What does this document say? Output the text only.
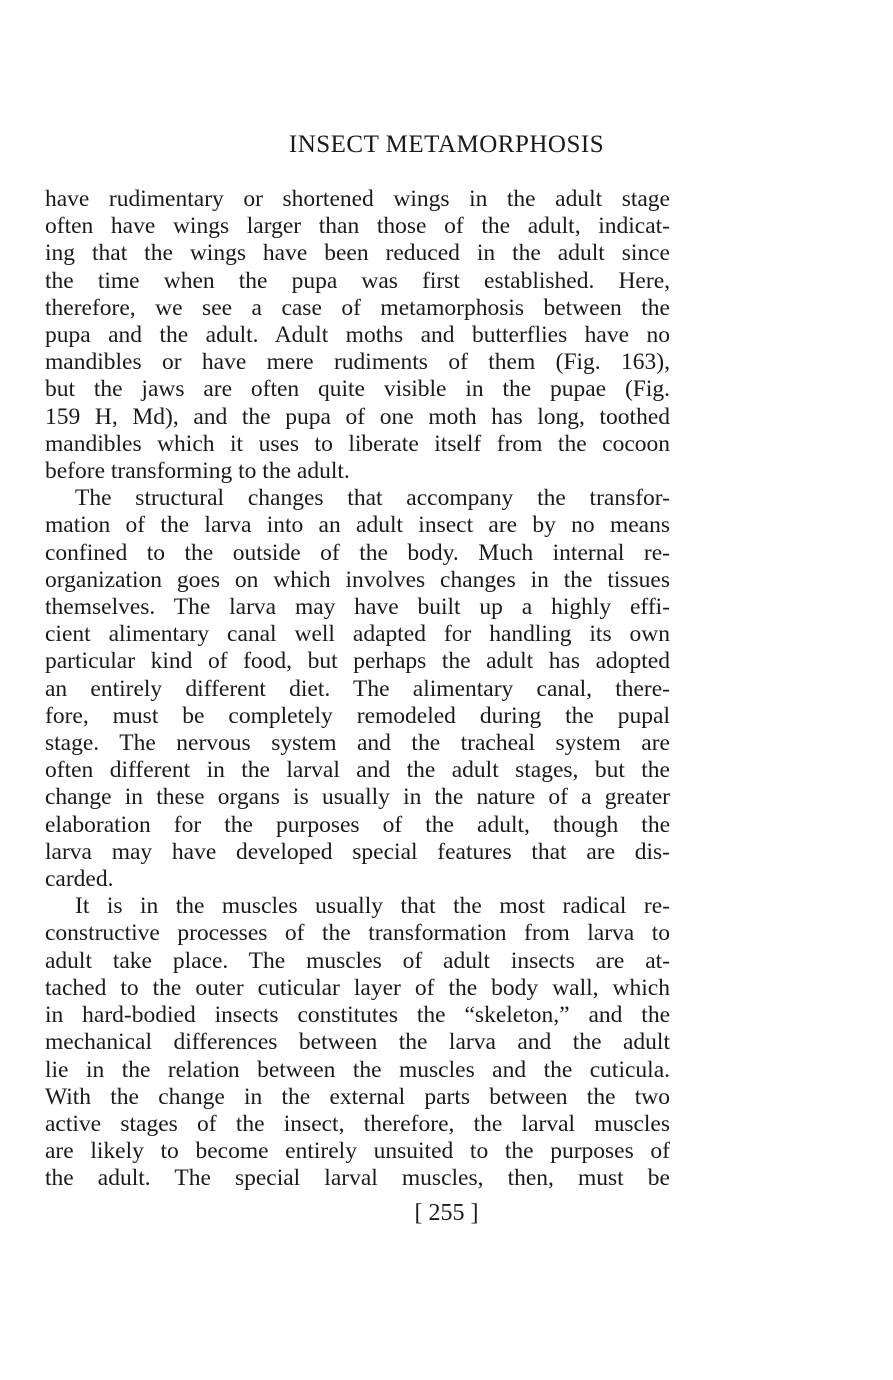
INSECT METAMORPHOSIS
have rudimentary or shortened wings in the adult stage
often have wings larger than those of the adult, indicat-
ing that the wings have been reduced in the adult since
the time when the pupa was first established. Here,
therefore, we see a case of metamorphosis between the
pupa and the adult. Adult moths and butterflies have no
mandibles or have mere rudiments of them (Fig. 163),
but the jaws are often quite visible in the pupae (Fig.
159 H, Md), and the pupa of one moth has long, toothed
mandibles which it uses to liberate itself from the cocoon
before transforming to the adult.
The structural changes that accompany the transfor-
mation of the larva into an adult insect are by no means
confined to the outside of the body. Much internal re-
organization goes on which involves changes in the tissues
themselves. The larva may have built up a highly effi-
cient alimentary canal well adapted for handling its own
particular kind of food, but perhaps the adult has adopted
an entirely different diet. The alimentary canal, there-
fore, must be completely remodeled during the pupal
stage. The nervous system and the tracheal system are
often different in the larval and the adult stages, but the
change in these organs is usually in the nature of a greater
elaboration for the purposes of the adult, though the
larva may have developed special features that are dis-
carded.
It is in the muscles usually that the most radical re-
constructive processes of the transformation from larva to
adult take place. The muscles of adult insects are at-
tached to the outer cuticular layer of the body wall, which
in hard-bodied insects constitutes the “skeleton,” and the
mechanical differences between the larva and the adult
lie in the relation between the muscles and the cuticula.
With the change in the external parts between the two
active stages of the insect, therefore, the larval muscles
are likely to become entirely unsuited to the purposes of
the adult. The special larval muscles, then, must be
[ 255 ]
